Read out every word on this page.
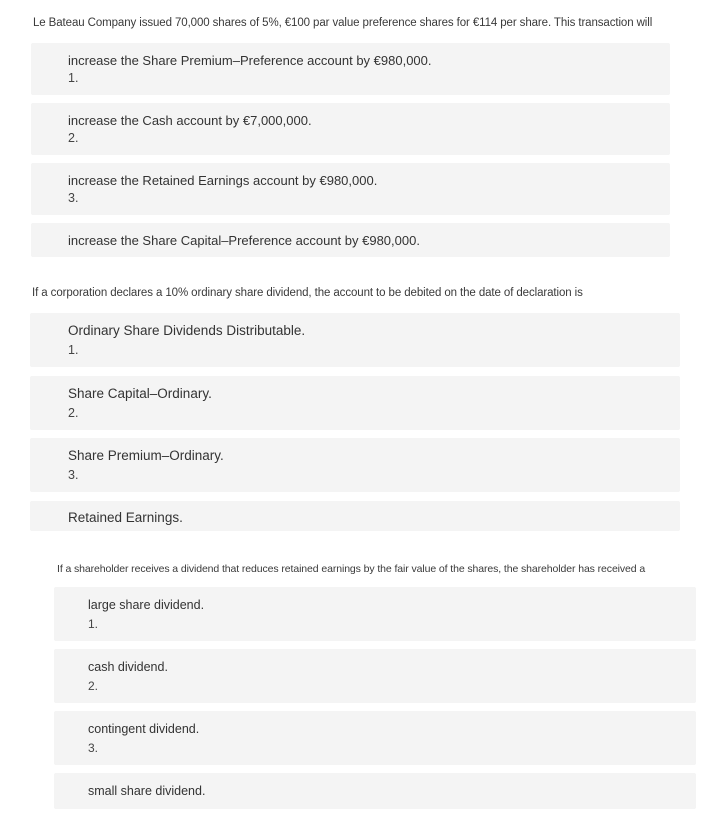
Le Bateau Company issued 70,000 shares of 5%, €100 par value preference shares for €114 per share. This transaction will
increase the Share Premium–Preference account by €980,000.
1.
increase the Cash account by €7,000,000.
2.
increase the Retained Earnings account by €980,000.
3.
increase the Share Capital–Preference account by €980,000.
If a corporation declares a 10% ordinary share dividend, the account to be debited on the date of declaration is
Ordinary Share Dividends Distributable.
1.
Share Capital–Ordinary.
2.
Share Premium–Ordinary.
3.
Retained Earnings.
If a shareholder receives a dividend that reduces retained earnings by the fair value of the shares, the shareholder has received a
large share dividend.
1.
cash dividend.
2.
contingent dividend.
3.
small share dividend.
